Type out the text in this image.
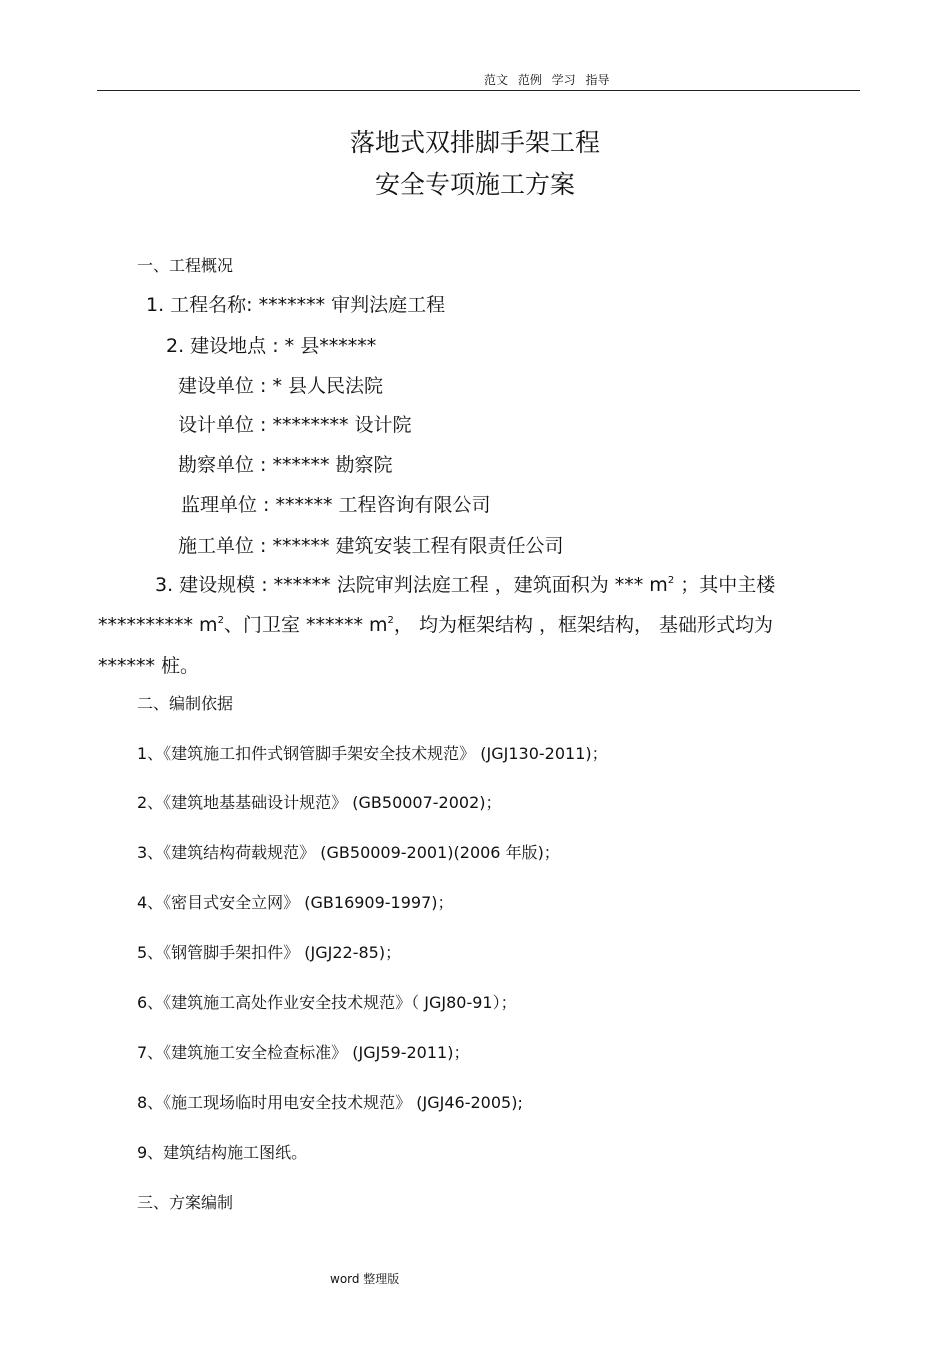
范文 范例 学习 指导
落地式双排脚手架工程
安全专项施工方案
一、工程概况
1. 工程名称: ******* 审判法庭工程
2. 建设地点 : * 县******
建设单位 : * 县人民法院
设计单位 : ******** 设计院
勘察单位 : ****** 勘察院
监理单位 : ****** 工程咨询有限公司
施工单位 : ****** 建筑安装工程有限责任公司
3. 建设规模 : ****** 法院审判法庭工程 ，建筑面积为 *** $m^2$ ；其中主楼
********** $m^2$、门卫室 ****** $m^2$， 均为框架结构 ，框架结构， 基础形式均为
****** 桩。
二、编制依据
1、《建筑施工扣件式钢管脚手架安全技术规范》 (JGJ130-2011)；
2、《建筑地基基础设计规范》 (GB50007-2002)；
3、《建筑结构荷载规范》 (GB50009-2001)(2006 年版)；
4、《密目式安全立网》 (GB16909-1997)；
5、《钢管脚手架扣件》 (JGJ22-85)；
6、《建筑施工高处作业安全技术规范》（ JGJ80-91）；
7、《建筑施工安全检查标准》 (JGJ59-2011)；
8、《施工现场临时用电安全技术规范》 (JGJ46-2005);
9、建筑结构施工图纸。
三、方案编制
word 整理版
